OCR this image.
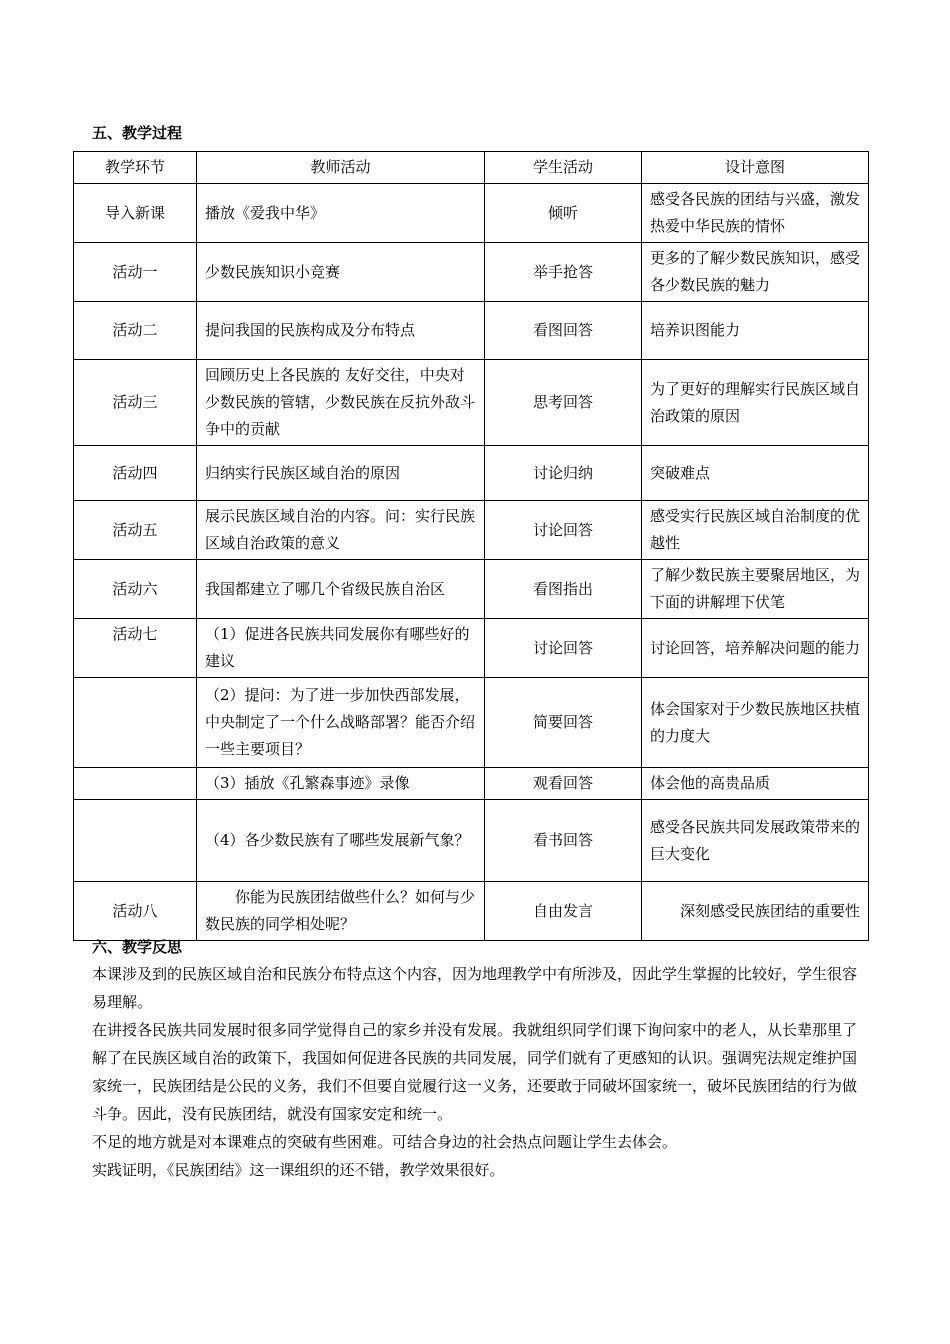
五、教学过程
教学环节	教师活动	学生活动	设计意图
导入新课	播放《爱我中华》	倾听	感受各民族的团结与兴盛，激发热爱中华民族的情怀
活动一	少数民族知识小竞赛	举手抢答	更多的了解少数民族知识，感受各少数民族的魅力
活动二	提问我国的民族构成及分布特点	看图回答	培养识图能力
活动三	回顾历史上各民族的 友好交往，中央对少数民族的管辖，少数民族在反抗外敌斗争中的贡献	思考回答	为了更好的理解实行民族区域自治政策的原因
活动四	归纳实行民族区域自治的原因	讨论归纳	突破难点
活动五	展示民族区域自治的内容。问：实行民族区域自治政策的意义	讨论回答	感受实行民族区域自治制度的优越性
活动六	我国都建立了哪几个省级民族自治区	看图指出	了解少数民族主要聚居地区，为下面的讲解埋下伏笔
活动七	（1）促进各民族共同发展你有哪些好的建议	讨论回答	讨论回答，培养解决问题的能力
	（2）提问：为了进一步加快西部发展，中央制定了一个什么战略部署？能否介绍一些主要项目？	简要回答	体会国家对于少数民族地区扶植的力度大
	（3）插放《孔繁森事迹》录像	观看回答	体会他的高贵品质
	（4）各少数民族有了哪些发展新气象？	看书回答	感受各民族共同发展政策带来的巨大变化
活动八	你能为民族团结做些什么？如何与少数民族的同学相处呢？	自由发言	深刻感受民族团结的重要性
六、教学反思

本课涉及到的民族区域自治和民族分布特点这个内容，因为地理教学中有所涉及，因此学生掌握的比较好，学生很容易理解。

在讲授各民族共同发展时很多同学觉得自己的家乡并没有发展。我就组织同学们课下询问家中的老人，从长辈那里了解了在民族区域自治的政策下，我国如何促进各民族的共同发展，同学们就有了更感知的认识。强调宪法规定维护国家统一，民族团结是公民的义务，我们不但要自觉履行这一义务，还要敢于同破坏国家统一，破坏民族团结的行为做斗争。因此，没有民族团结，就没有国家安定和统一。

不足的地方就是对本课难点的突破有些困难。可结合身边的社会热点问题让学生去体会。

实践证明，《民族团结》这一课组织的还不错，教学效果很好。
